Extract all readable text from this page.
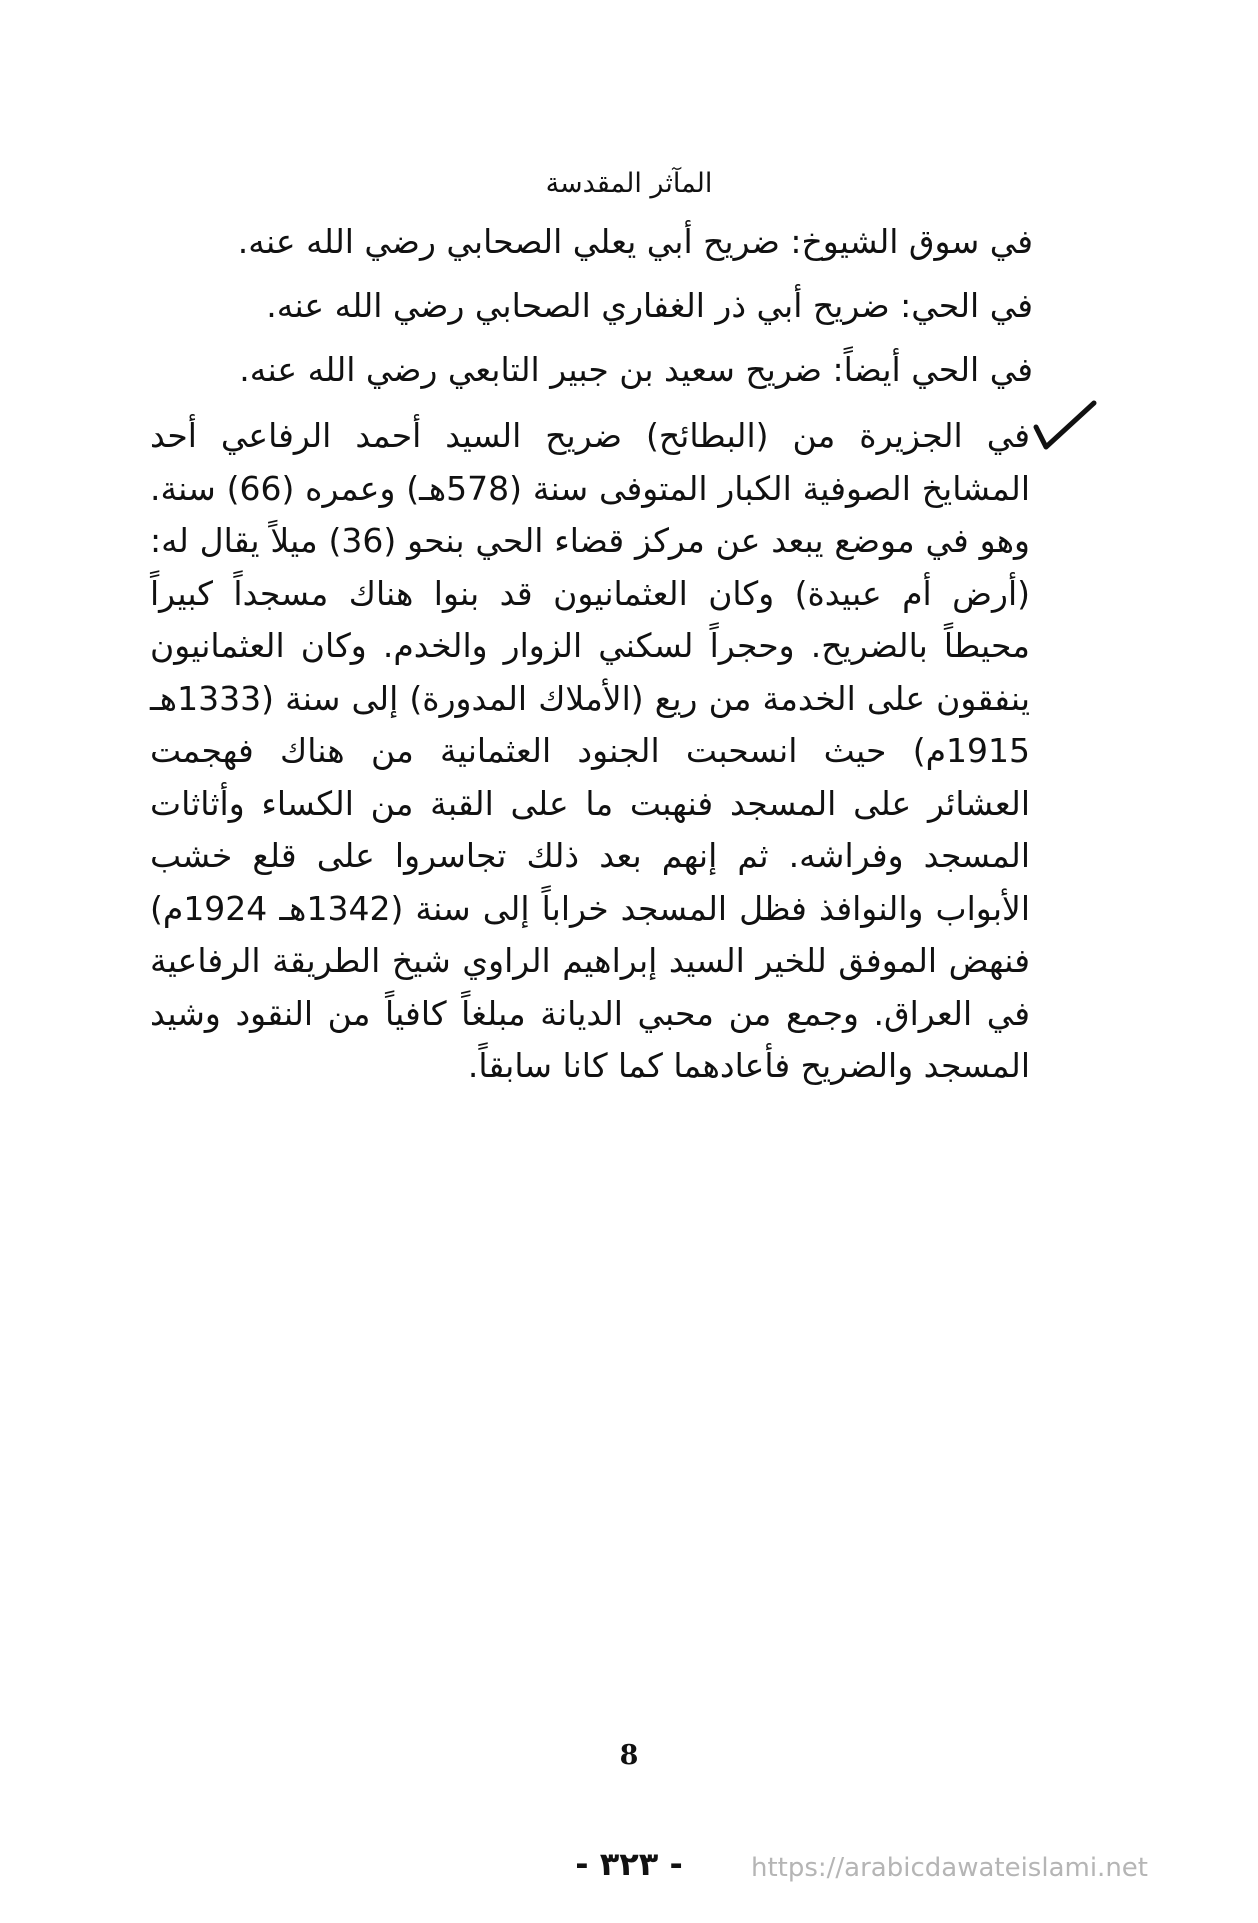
المآثر المقدسة
في سوق الشيوخ: ضريح أبي يعلي الصحابي رضي الله عنه.
في الحي: ضريح أبي ذر الغفاري الصحابي رضي الله عنه.
في الحي أيضاً: ضريح سعيد بن جبير التابعي رضي الله عنه.
في الجزيرة من (البطائح) ضريح السيد أحمد الرفاعي أحد المشايخ الصوفية الكبار المتوفى سنة (578هـ) وعمره (66) سنة. وهو في موضع يبعد عن مركز قضاء الحي بنحو (36) ميلاً يقال له: (أرض أم عبيدة) وكان العثمانيون قد بنوا هناك مسجداً كبيراً محيطاً بالضريح. وحجراً لسكني الزوار والخدم. وكان العثمانيون ينفقون على الخدمة من ريع (الأملاك المدورة) إلى سنة (1333هـ 1915م) حيث انسحبت الجنود العثمانية من هناك فهجمت العشائر على المسجد فنهبت ما على القبة من الكساء وأثاثات المسجد وفراشه. ثم إنهم بعد ذلك تجاسروا على قلع خشب الأبواب والنوافذ فظل المسجد خراباً إلى سنة (1342هـ 1924م) فنهض الموفق للخير السيد إبراهيم الراوي شيخ الطريقة الرفاعية في العراق. وجمع من محبي الديانة مبلغاً كافياً من النقود وشيد المسجد والضريح فأعادهما كما كانا سابقاً.
8
- ٣٢٣ -	https://arabicdawateislami.net
